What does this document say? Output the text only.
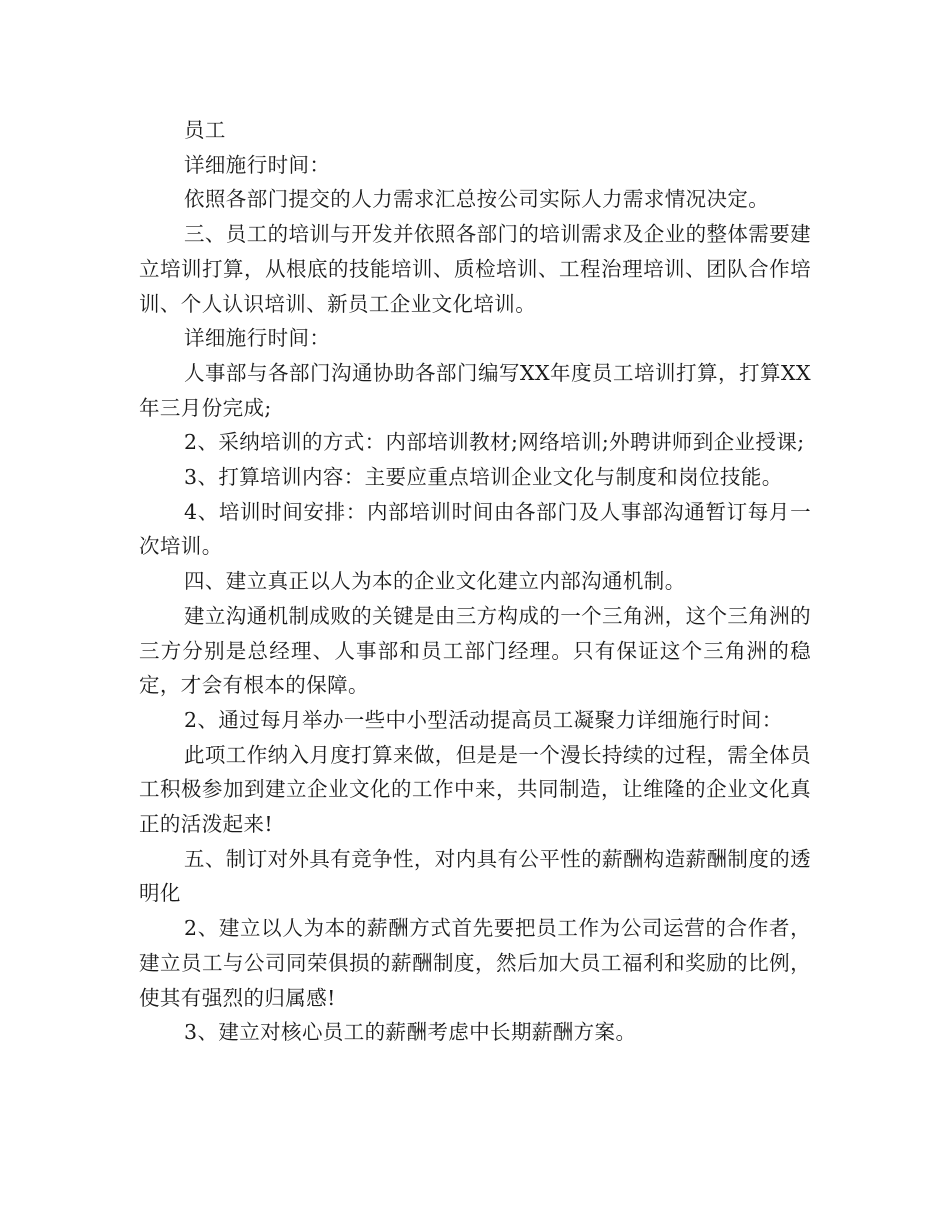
员工

详细施行时间：

依照各部门提交的人力需求汇总按公司实际人力需求情况决定。

三、员工的培训与开发并依照各部门的培训需求及企业的整体需要建立培训打算，从根底的技能培训、质检培训、工程治理培训、团队合作培训、个人认识培训、新员工企业文化培训。

详细施行时间：

人事部与各部门沟通协助各部门编写XX年度员工培训打算，打算XX年三月份完成;

2、采纳培训的方式：内部培训教材;网络培训;外聘讲师到企业授课;

3、打算培训内容：主要应重点培训企业文化与制度和岗位技能。

4、培训时间安排：内部培训时间由各部门及人事部沟通暂订每月一次培训。

四、建立真正以人为本的企业文化建立内部沟通机制。

建立沟通机制成败的关键是由三方构成的一个三角洲，这个三角洲的三方分别是总经理、人事部和员工部门经理。只有保证这个三角洲的稳定，才会有根本的保障。

2、通过每月举办一些中小型活动提高员工凝聚力详细施行时间：

此项工作纳入月度打算来做，但是是一个漫长持续的过程，需全体员工积极参加到建立企业文化的工作中来，共同制造，让维隆的企业文化真正的活泼起来!

五、制订对外具有竞争性，对内具有公平性的薪酬构造薪酬制度的透明化

2、建立以人为本的薪酬方式首先要把员工作为公司运营的合作者，建立员工与公司同荣俱损的薪酬制度，然后加大员工福利和奖励的比例，使其有强烈的归属感!

3、建立对核心员工的薪酬考虑中长期薪酬方案。
